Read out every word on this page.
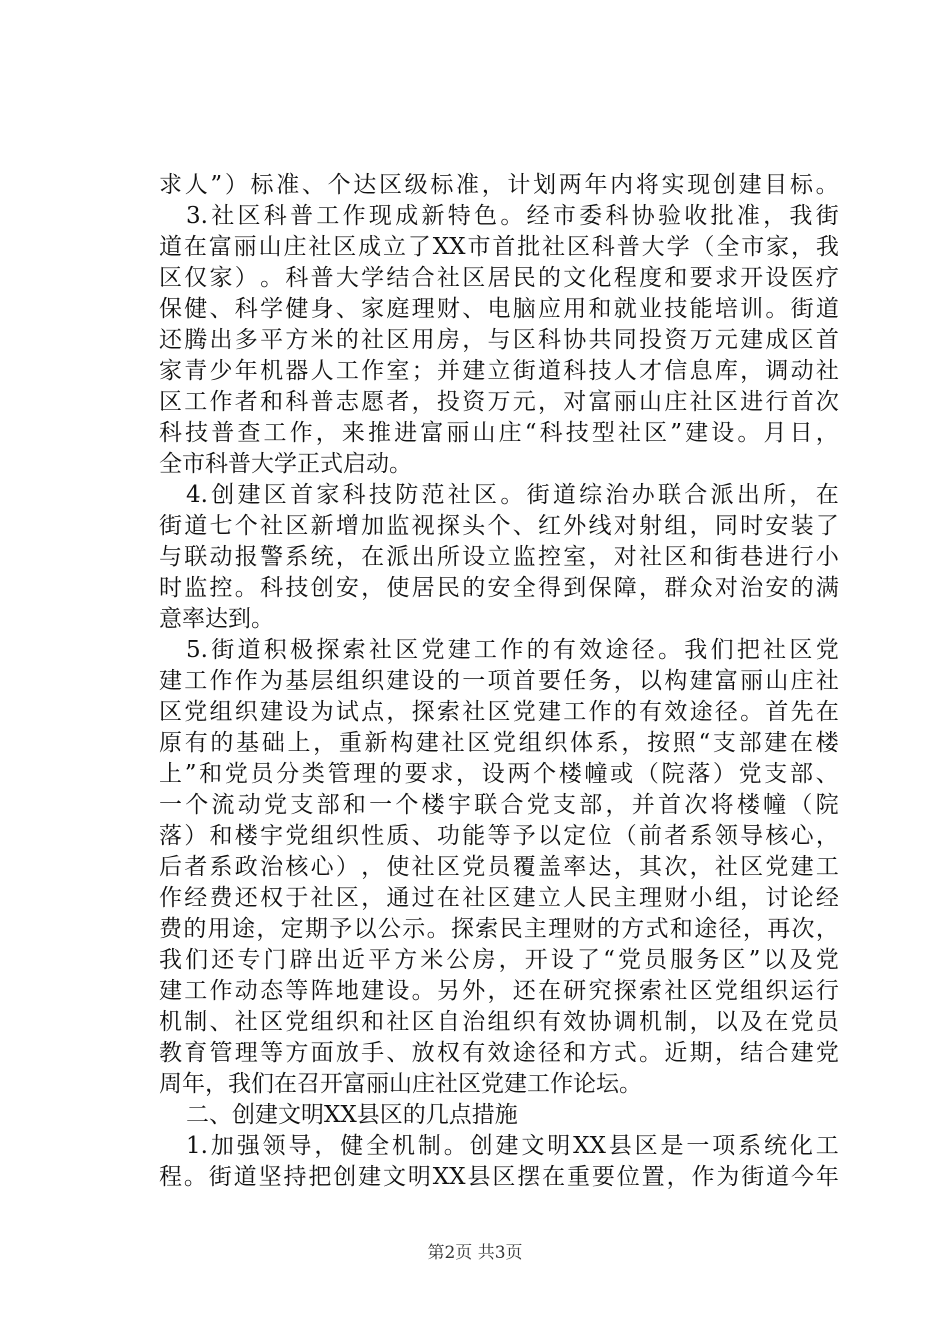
求 人 ” ） 标 准 、 个 达 区 级 标 准 ， 计 划 两 年 内 将 实 现 创 建 目 标 。
3. 社 区 科 普 工 作 现 成 新 特 色 。 经 市 委 科 协 验 收 批 准 ， 我 街
道 在 富 丽 山 庄 社 区 成 立 了 XX 市 首 批 社 区 科 普 大 学 （ 全 市 家 ， 我
区 仅 家 ） 。 科 普 大 学 结 合 社 区 居 民 的 文 化 程 度 和 要 求 开 设 医 疗
保 健 、 科 学 健 身 、 家 庭 理 财 、 电 脑 应 用 和 就 业 技 能 培 训 。 街 道
还 腾 出 多 平 方 米 的 社 区 用 房 ， 与 区 科 协 共 同 投 资 万 元 建 成 区 首
家 青 少 年 机 器 人 工 作 室 ； 并 建 立 街 道 科 技 人 才 信 息 库 ， 调 动 社
区 工 作 者 和 科 普 志 愿 者 ， 投 资 万 元 ， 对 富 丽 山 庄 社 区 进 行 首 次
科 技 普 查 工 作 ， 来 推 进 富 丽 山 庄 “ 科 技 型 社 区 ” 建 设 。 月 日 ，
全市科普大学正式启动。
4. 创 建 区 首 家 科 技 防 范 社 区 。 街 道 综 治 办 联 合 派 出 所 ， 在
街 道 七 个 社 区 新 增 加 监 视 探 头 个 、 红 外 线 对 射 组 ， 同 时 安 装 了
与 联 动 报 警 系 统 ， 在 派 出 所 设 立 监 控 室 ， 对 社 区 和 街 巷 进 行 小
时 监 控 。 科 技 创 安 ， 使 居 民 的 安 全 得 到 保 障 ， 群 众 对 治 安 的 满
意率达到。
5. 街 道 积 极 探 索 社 区 党 建 工 作 的 有 效 途 径 。 我 们 把 社 区 党
建 工 作 作 为 基 层 组 织 建 设 的 一 项 首 要 任 务 ， 以 构 建 富 丽 山 庄 社
区 党 组 织 建 设 为 试 点 ， 探 索 社 区 党 建 工 作 的 有 效 途 径 。 首 先 在
原 有 的 基 础 上 ， 重 新 构 建 社 区 党 组 织 体 系 ， 按 照 “ 支 部 建 在 楼
上 ” 和 党 员 分 类 管 理 的 要 求 ， 设 两 个 楼 幢 或 （ 院 落 ） 党 支 部 、
一 个 流 动 党 支 部 和 一 个 楼 宇 联 合 党 支 部 ， 并 首 次 将 楼 幢 （ 院
落 ） 和 楼 宇 党 组 织 性 质 、 功 能 等 予 以 定 位 （ 前 者 系 领 导 核 心 ，
后 者 系 政 治 核 心 ） ， 使 社 区 党 员 覆 盖 率 达 ， 其 次 ， 社 区 党 建 工
作 经 费 还 权 于 社 区 ， 通 过 在 社 区 建 立 人 民 主 理 财 小 组 ， 讨 论 经
费 的 用 途 ， 定 期 予 以 公 示 。 探 索 民 主 理 财 的 方 式 和 途 径 ， 再 次 ，
我 们 还 专 门 辟 出 近 平 方 米 公 房 ， 开 设 了 “ 党 员 服 务 区 ” 以 及 党
建 工 作 动 态 等 阵 地 建 设 。 另 外 ， 还 在 研 究 探 索 社 区 党 组 织 运 行
机 制 、 社 区 党 组 织 和 社 区 自 治 组 织 有 效 协 调 机 制 ， 以 及 在 党 员
教 育 管 理 等 方 面 放 手 、 放 权 有 效 途 径 和 方 式 。 近 期 ， 结 合 建 党
周年，我们在召开富丽山庄社区党建工作论坛。
二、创建文明XX县区的几点措施
1. 加 强 领 导 ， 健 全 机 制 。 创 建 文 明 XX 县 区 是 一 项 系 统 化 工
程 。 街 道 坚 持 把 创 建 文 明 XX 县 区 摆 在 重 要 位 置 ， 作 为 街 道 今 年
第2页 共3页
